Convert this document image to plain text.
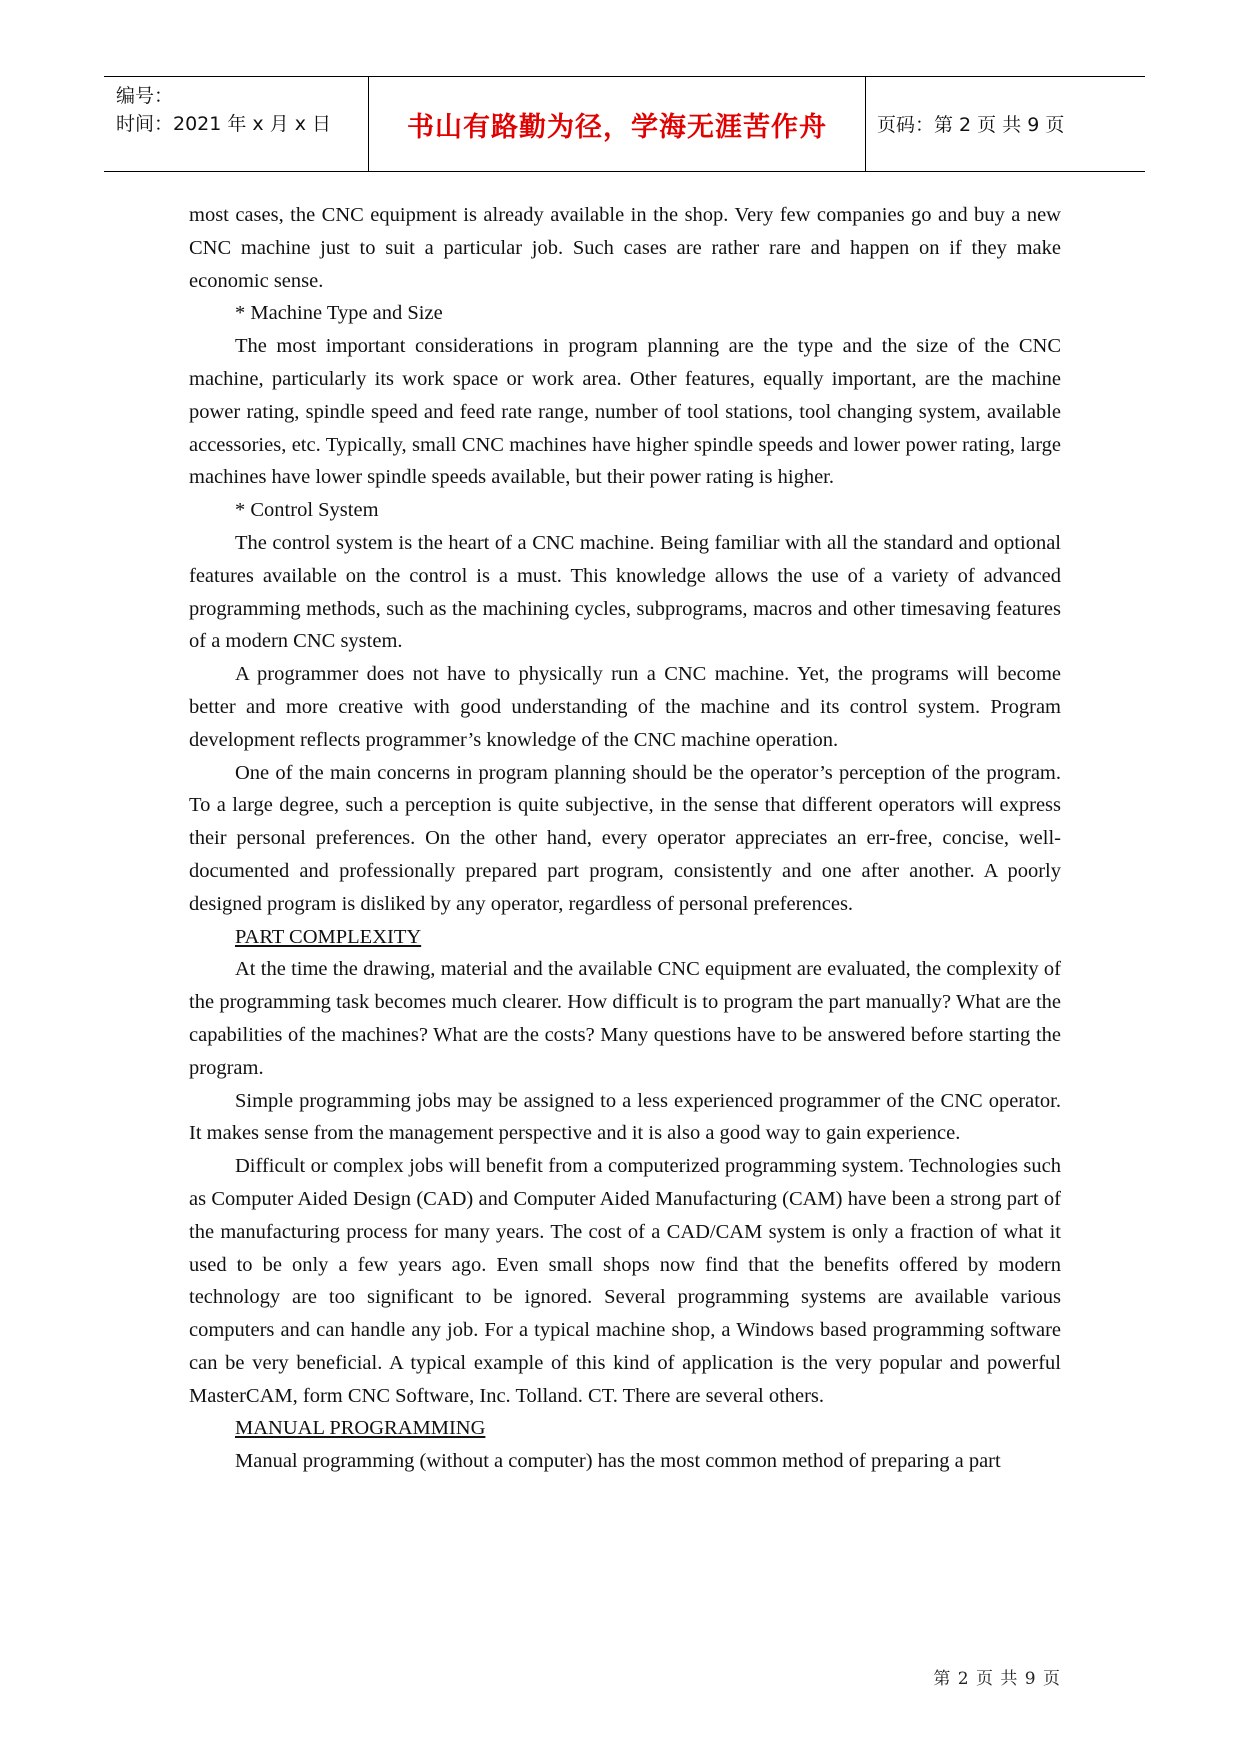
编号：
时间：2021 年 x 月 x 日	书山有路勤为径，学海无涯苦作舟	页码：第 2 页 共 9 页

most cases, the CNC equipment is already available in the shop. Very few companies go and buy a new CNC machine just to suit a particular job. Such cases are rather rare and happen on if they make economic sense.

* Machine Type and Size

The most important considerations in program planning are the type and the size of the CNC machine, particularly its work space or work area. Other features, equally important, are the machine power rating, spindle speed and feed rate range, number of tool stations, tool changing system, available accessories, etc. Typically, small CNC machines have higher spindle speeds and lower power rating, large machines have lower spindle speeds available, but their power rating is higher.

* Control System

The control system is the heart of a CNC machine. Being familiar with all the standard and optional features available on the control is a must. This knowledge allows the use of a variety of advanced programming methods, such as the machining cycles, subprograms, macros and other timesaving features of a modern CNC system.

A programmer does not have to physically run a CNC machine. Yet, the programs will become better and more creative with good understanding of the machine and its control system. Program development reflects programmer’s knowledge of the CNC machine operation.

One of the main concerns in program planning should be the operator’s perception of the program. To a large degree, such a perception is quite subjective, in the sense that different operators will express their personal preferences. On the other hand, every operator appreciates an err-free, concise, well-documented and professionally prepared part program, consistently and one after another. A poorly designed program is disliked by any operator, regardless of personal preferences.

PART COMPLEXITY

At the time the drawing, material and the available CNC equipment are evaluated, the complexity of the programming task becomes much clearer. How difficult is to program the part manually? What are the capabilities of the machines? What are the costs? Many questions have to be answered before starting the program.

Simple programming jobs may be assigned to a less experienced programmer of the CNC operator. It makes sense from the management perspective and it is also a good way to gain experience.

Difficult or complex jobs will benefit from a computerized programming system. Technologies such as Computer Aided Design (CAD) and Computer Aided Manufacturing (CAM) have been a strong part of the manufacturing process for many years. The cost of a CAD/CAM system is only a fraction of what it used to be only a few years ago. Even small shops now find that the benefits offered by modern technology are too significant to be ignored. Several programming systems are available various computers and can handle any job. For a typical machine shop, a Windows based programming software can be very beneficial. A typical example of this kind of application is the very popular and powerful MasterCAM, form CNC Software, Inc. Tolland. CT. There are several others.

MANUAL PROGRAMMING

Manual programming (without a computer) has the most common method of preparing a part

第 2 页 共 9 页
